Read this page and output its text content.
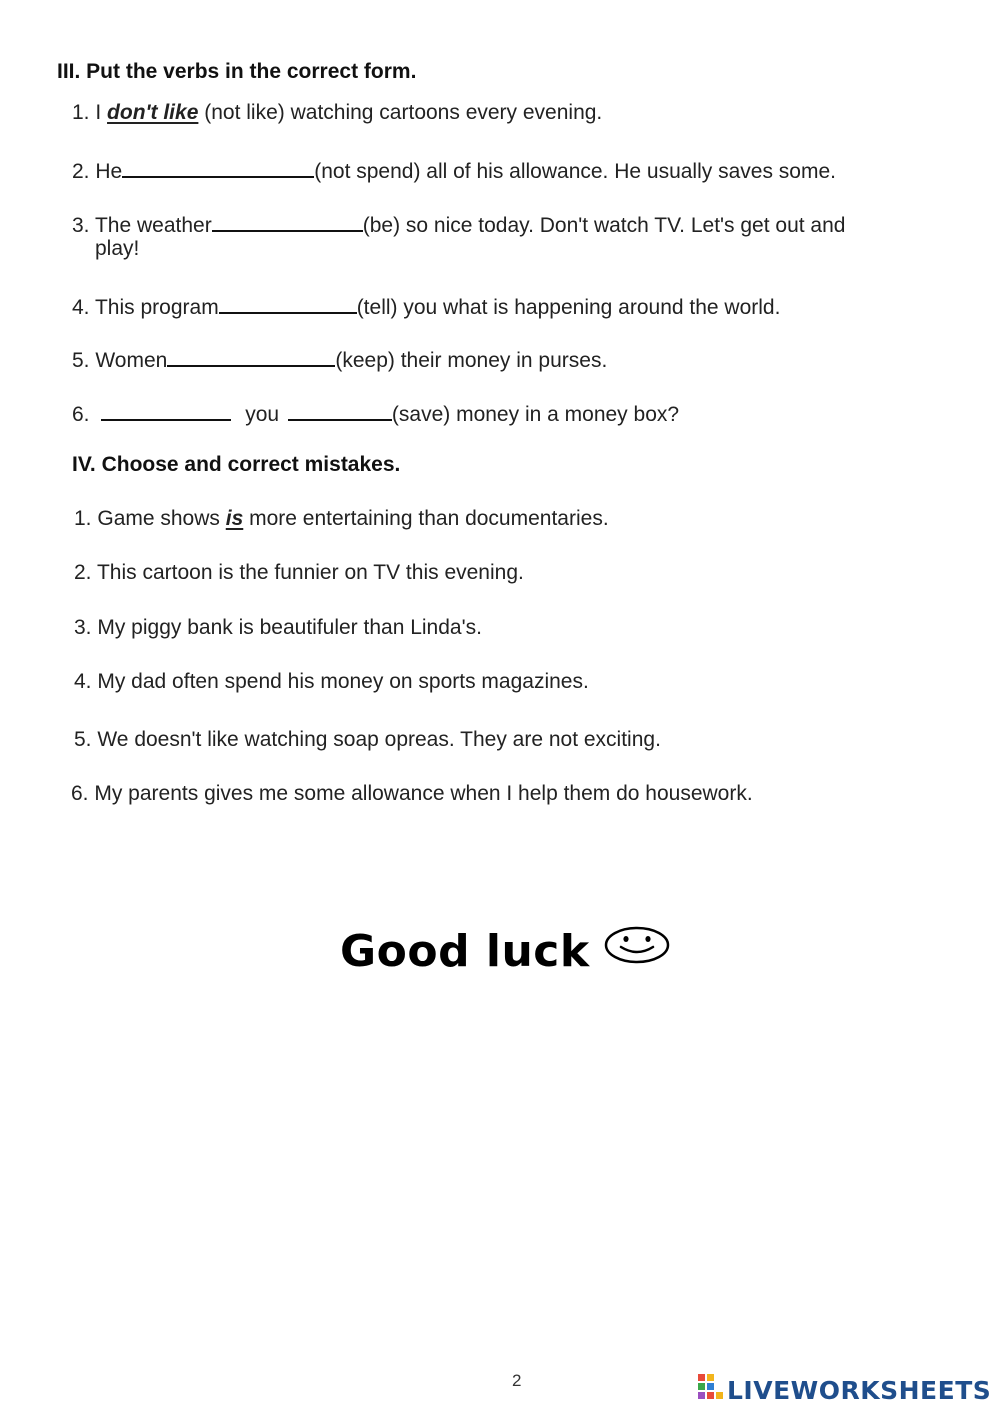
III. Put the verbs in the correct form.
1. I don't like (not like) watching cartoons every evening.
2. He	(not spend) all of his allowance. He usually saves some.
3. The weather	(be) so nice today. Don't watch TV. Let's get out and
play!
4. This program	(tell) you what is happening around the world.
5. Women	(keep) their money in purses.
6.	you	(save) money in a money box?
IV. Choose and correct mistakes.
1. Game shows is more entertaining than documentaries.
2. This cartoon is the funnier on TV this evening.
3. My piggy bank is beautifuler than Linda's.
4. My dad often spend his money on sports magazines.
5. We doesn't like watching soap opreas. They are not exciting.
6. My parents gives me some allowance when I help them do housework.
Good luck
2	LIVEWORKSHEETS
